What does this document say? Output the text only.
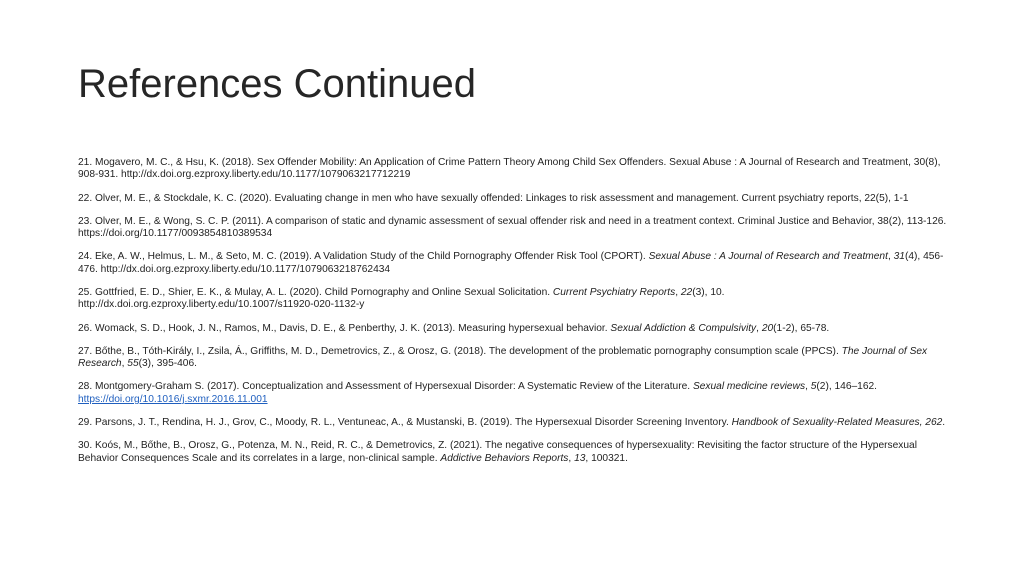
References Continued
21. Mogavero, M. C., & Hsu, K. (2018). Sex Offender Mobility: An Application of Crime Pattern Theory Among Child Sex Offenders. Sexual Abuse : A Journal of Research and Treatment, 30(8), 908-931. http://dx.doi.org.ezproxy.liberty.edu/10.1177/1079063217712219
22. Olver, M. E., & Stockdale, K. C. (2020). Evaluating change in men who have sexually offended: Linkages to risk assessment and management. Current psychiatry reports, 22(5), 1-1
23. Olver, M. E., & Wong, S. C. P. (2011). A comparison of static and dynamic assessment of sexual offender risk and need in a treatment context. Criminal Justice and Behavior, 38(2), 113-126. https://doi.org/10.1177/0093854810389534
24. Eke, A. W., Helmus, L. M., & Seto, M. C. (2019). A Validation Study of the Child Pornography Offender Risk Tool (CPORT). Sexual Abuse : A Journal of Research and Treatment, 31(4), 456-476. http://dx.doi.org.ezproxy.liberty.edu/10.1177/1079063218762434
25. Gottfried, E. D., Shier, E. K., & Mulay, A. L. (2020). Child Pornography and Online Sexual Solicitation. Current Psychiatry Reports, 22(3), 10. http://dx.doi.org.ezproxy.liberty.edu/10.1007/s11920-020-1132-y
26. Womack, S. D., Hook, J. N., Ramos, M., Davis, D. E., & Penberthy, J. K. (2013). Measuring hypersexual behavior. Sexual Addiction & Compulsivity, 20(1-2), 65-78.
27. Bőthe, B., Tóth-Király, I., Zsila, Á., Griffiths, M. D., Demetrovics, Z., & Orosz, G. (2018). The development of the problematic pornography consumption scale (PPCS). The Journal of Sex Research, 55(3), 395-406.
28. Montgomery-Graham S. (2017). Conceptualization and Assessment of Hypersexual Disorder: A Systematic Review of the Literature. Sexual medicine reviews, 5(2), 146–162. https://doi.org/10.1016/j.sxmr.2016.11.001
29. Parsons, J. T., Rendina, H. J., Grov, C., Moody, R. L., Ventuneac, A., & Mustanski, B. (2019). The Hypersexual Disorder Screening Inventory. Handbook of Sexuality-Related Measures, 262.
30. Koós, M., Bőthe, B., Orosz, G., Potenza, M. N., Reid, R. C., & Demetrovics, Z. (2021). The negative consequences of hypersexuality: Revisiting the factor structure of the Hypersexual Behavior Consequences Scale and its correlates in a large, non-clinical sample. Addictive Behaviors Reports, 13, 100321.
